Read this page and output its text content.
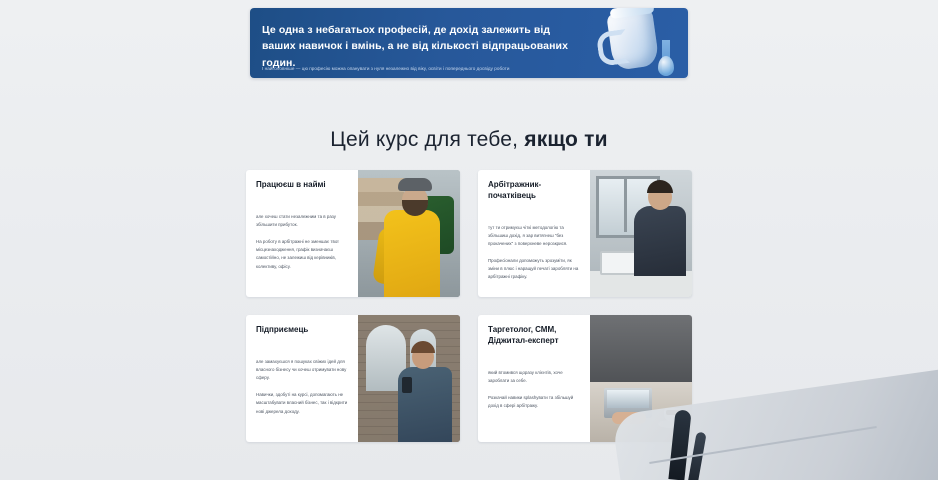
Це одна з небагатьох професій, де дохід залежить від ваших навичок і вмінь, а не від кількості відпрацьованих годин.
І найголовніше — цю професію можна опанувати з нуля незалежно від віку, освіти і попереднього досвіду роботи
Цей курс для тебе, якщо ти
Працюєш в наймі

але хочеш стати незалежним та в разу збільшити прибуток.

На роботу в арбітражні не зменшає твої місцезнаходження, графік визначаєш самостійно, не залежиш від керівників, колективу, офісу.

Арбітражник-початківець

тут ти отримуєш чіткі методологію та збільшиш дохід, я зар витягнеш "без прокачених" з поверхневе нерозкрися.

Професіонали допоможуть зрозуміти, як зміни в плюс і наращуй печаті заробляти на арбітражні графіку.

Підприємець

але замахуєшся я пошуках свіжих ідей для власного бізнесу чи хочеш отримувати нову сферу.

Навички, здобуті на курсі, допомагають не масштабувати власний бізнес, так і відкрити нові джерела доходу.

Таргетолог, СММ, Діджитал-експерт

який втомився щоразу клієнтів, хоче зароблати за себе.

Розкачай навики splashувати та збільшуй дохід в сфері арбітражу.
